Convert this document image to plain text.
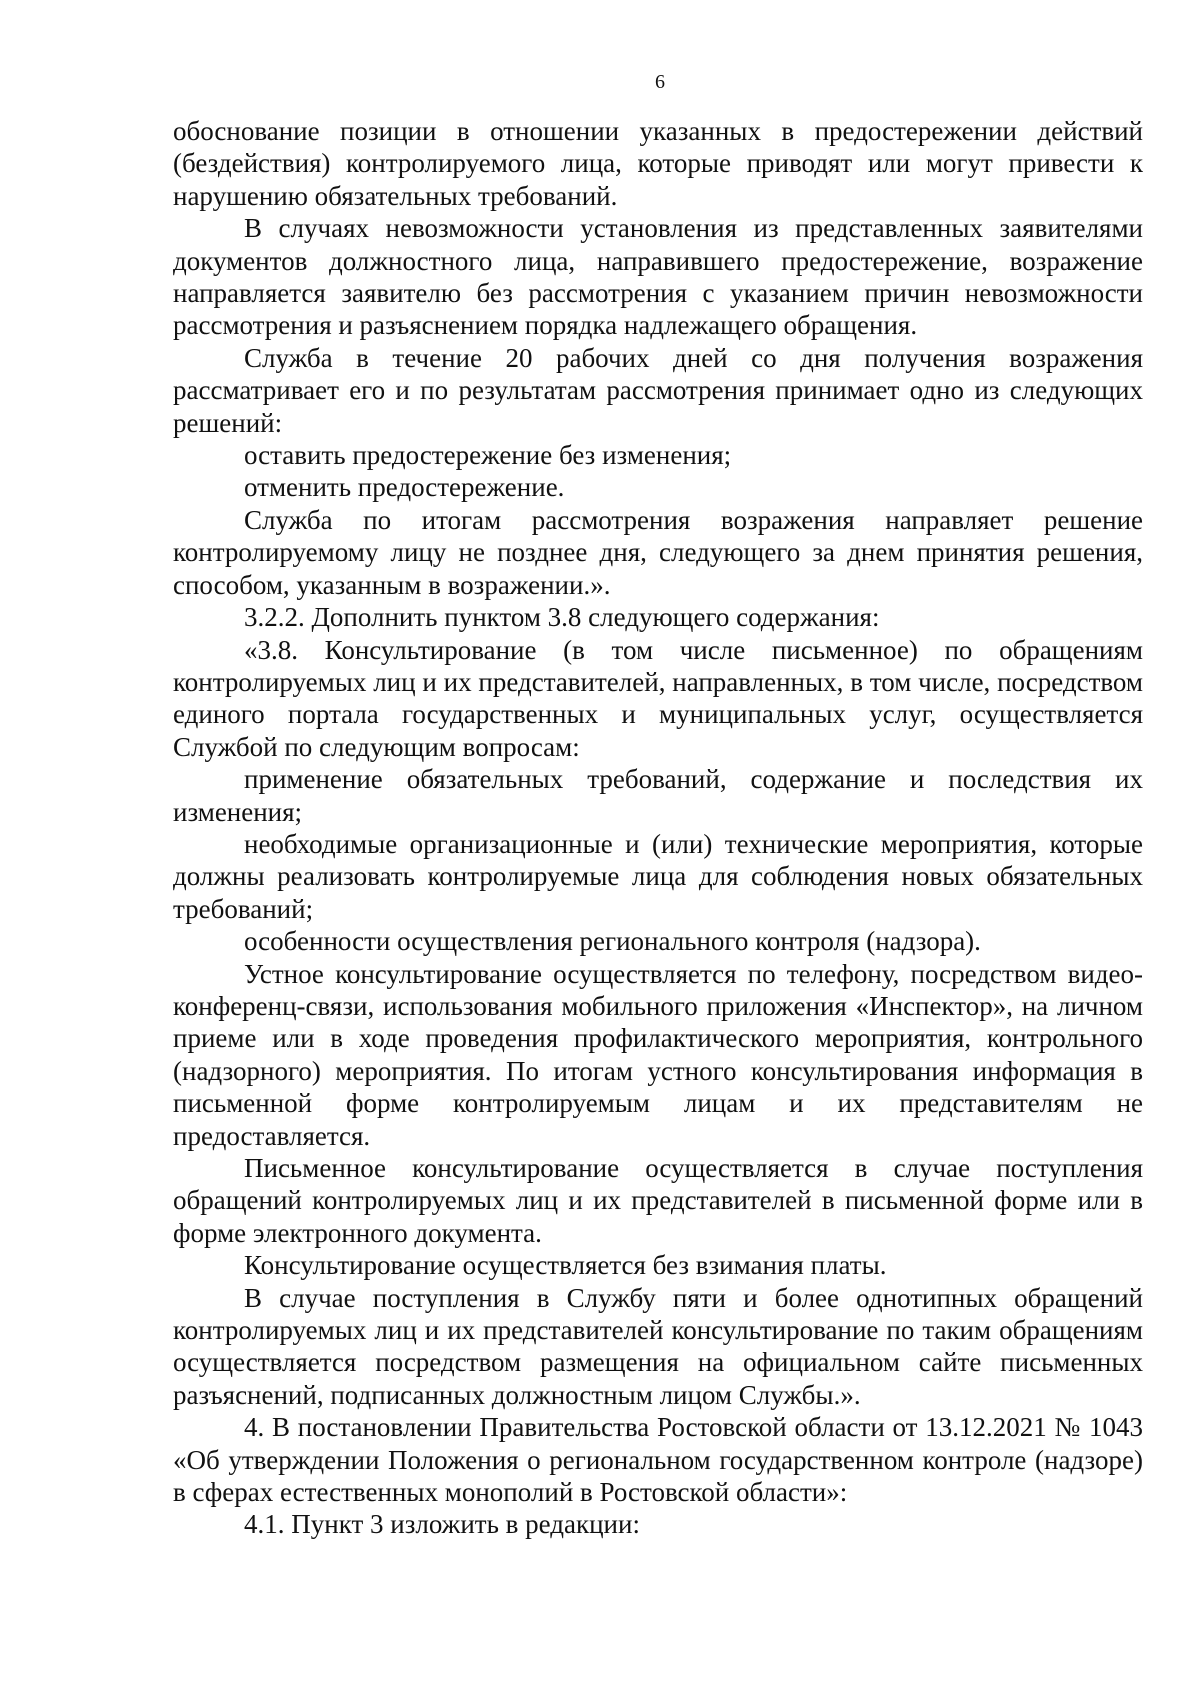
6

обоснование позиции в отношении указанных в предостережении действий (бездействия) контролируемого лица, которые приводят или могут привести к нарушению обязательных требований.

В случаях невозможности установления из представленных заявителями документов должностного лица, направившего предостережение, возражение направляется заявителю без рассмотрения с указанием причин невозможности рассмотрения и разъяснением порядка надлежащего обращения.

Служба в течение 20 рабочих дней со дня получения возражения рассматривает его и по результатам рассмотрения принимает одно из следующих решений:

оставить предостережение без изменения;

отменить предостережение.

Служба по итогам рассмотрения возражения направляет решение контролируемому лицу не позднее дня, следующего за днем принятия решения, способом, указанным в возражении.».

3.2.2. Дополнить пунктом 3.8 следующего содержания:

«3.8. Консультирование (в том числе письменное) по обращениям контролируемых лиц и их представителей, направленных, в том числе, посредством единого портала государственных и муниципальных услуг, осуществляется Службой по следующим вопросам:

применение обязательных требований, содержание и последствия их изменения;

необходимые организационные и (или) технические мероприятия, которые должны реализовать контролируемые лица для соблюдения новых обязательных требований;

особенности осуществления регионального контроля (надзора).

Устное консультирование осуществляется по телефону, посредством видео-конференц-связи, использования мобильного приложения «Инспектор», на личном приеме или в ходе проведения профилактического мероприятия, контрольного (надзорного) мероприятия. По итогам устного консультирования информация в письменной форме контролируемым лицам и их представителям не предоставляется.

Письменное консультирование осуществляется в случае поступления обращений контролируемых лиц и их представителей в письменной форме или в форме электронного документа.

Консультирование осуществляется без взимания платы.

В случае поступления в Службу пяти и более однотипных обращений контролируемых лиц и их представителей консультирование по таким обращениям осуществляется посредством размещения на официальном сайте письменных разъяснений, подписанных должностным лицом Службы.».

4. В постановлении Правительства Ростовской области от 13.12.2021 № 1043 «Об утверждении Положения о региональном государственном контроле (надзоре) в сферах естественных монополий в Ростовской области»:

4.1. Пункт 3 изложить в редакции:
